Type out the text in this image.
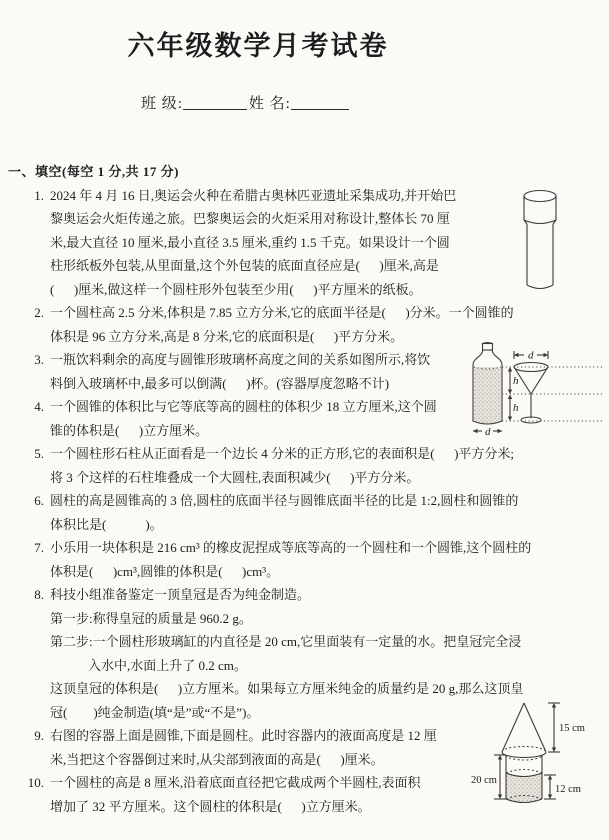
六年级数学月考试卷
班 级:	姓 名:
一、填空(每空 1 分,共 17 分)
1. 2024 年 4 月 16 日,奥运会火种在希腊古奥林匹亚遗址采集成功,并开始巴
黎奥运会火炬传递之旅。巴黎奥运会的火炬采用对称设计,整体长 70 厘
米,最大直径 10 厘米,最小直径 3.5 厘米,重约 1.5 千克。如果设计一个圆
柱形纸板外包装,从里面量,这个外包装的底面直径应是(      )厘米,高是
(      )厘米,做这样一个圆柱形外包装至少用(      )平方厘米的纸板。
2. 一个圆柱高 2.5 分米,体积是 7.85 立方分米,它的底面半径是(      )分米。一个圆锥的
体积是 96 立方分米,高是 8 分米,它的底面积是(      )平方分米。
3. 一瓶饮料剩余的高度与圆锥形玻璃杯高度之间的关系如图所示,将饮
料倒入玻璃杯中,最多可以倒满(      )杯。(容器厚度忽略不计)
4. 一个圆锥的体积比与它等底等高的圆柱的体积少 18 立方厘米,这个圆
锥的体积是(      )立方厘米。
5. 一个圆柱形石柱从正面看是一个边长 4 分米的正方形,它的表面积是(      )平方分米;
将 3 个这样的石柱堆叠成一个大圆柱,表面积减少(      )平方分米。
6. 圆柱的高是圆锥高的 3 倍,圆柱的底面半径与圆锥底面半径的比是 1:2,圆柱和圆锥的
体积比是(            )。
7. 小乐用一块体积是 216 cm³ 的橡皮泥捏成等底等高的一个圆柱和一个圆锥,这个圆柱的
体积是(      )cm³,圆锥的体积是(      )cm³。
8. 科技小组准备鉴定一顶皇冠是否为纯金制造。
第一步:称得皇冠的质量是 960.2 g。
第二步:一个圆柱形玻璃缸的内直径是 20 cm,它里面装有一定量的水。把皇冠完全浸
入水中,水面上升了 0.2 cm。
这顶皇冠的体积是(      )立方厘米。如果每立方厘米纯金的质量约是 20 g,那么这顶皇
冠(        )纯金制造(填“是”或“不是”)。
9. 右图的容器上面是圆锥,下面是圆柱。此时容器内的液面高度是 12 厘
米,当把这个容器倒过来时,从尖部到液面的高是(      )厘米。
10. 一个圆柱的高是 8 厘米,沿着底面直径把它截成两个半圆柱,表面积
增加了 32 平方厘米。这个圆柱的体积是(      )立方厘米。
d
h
h
d
15 cm
20 cm
12 cm
